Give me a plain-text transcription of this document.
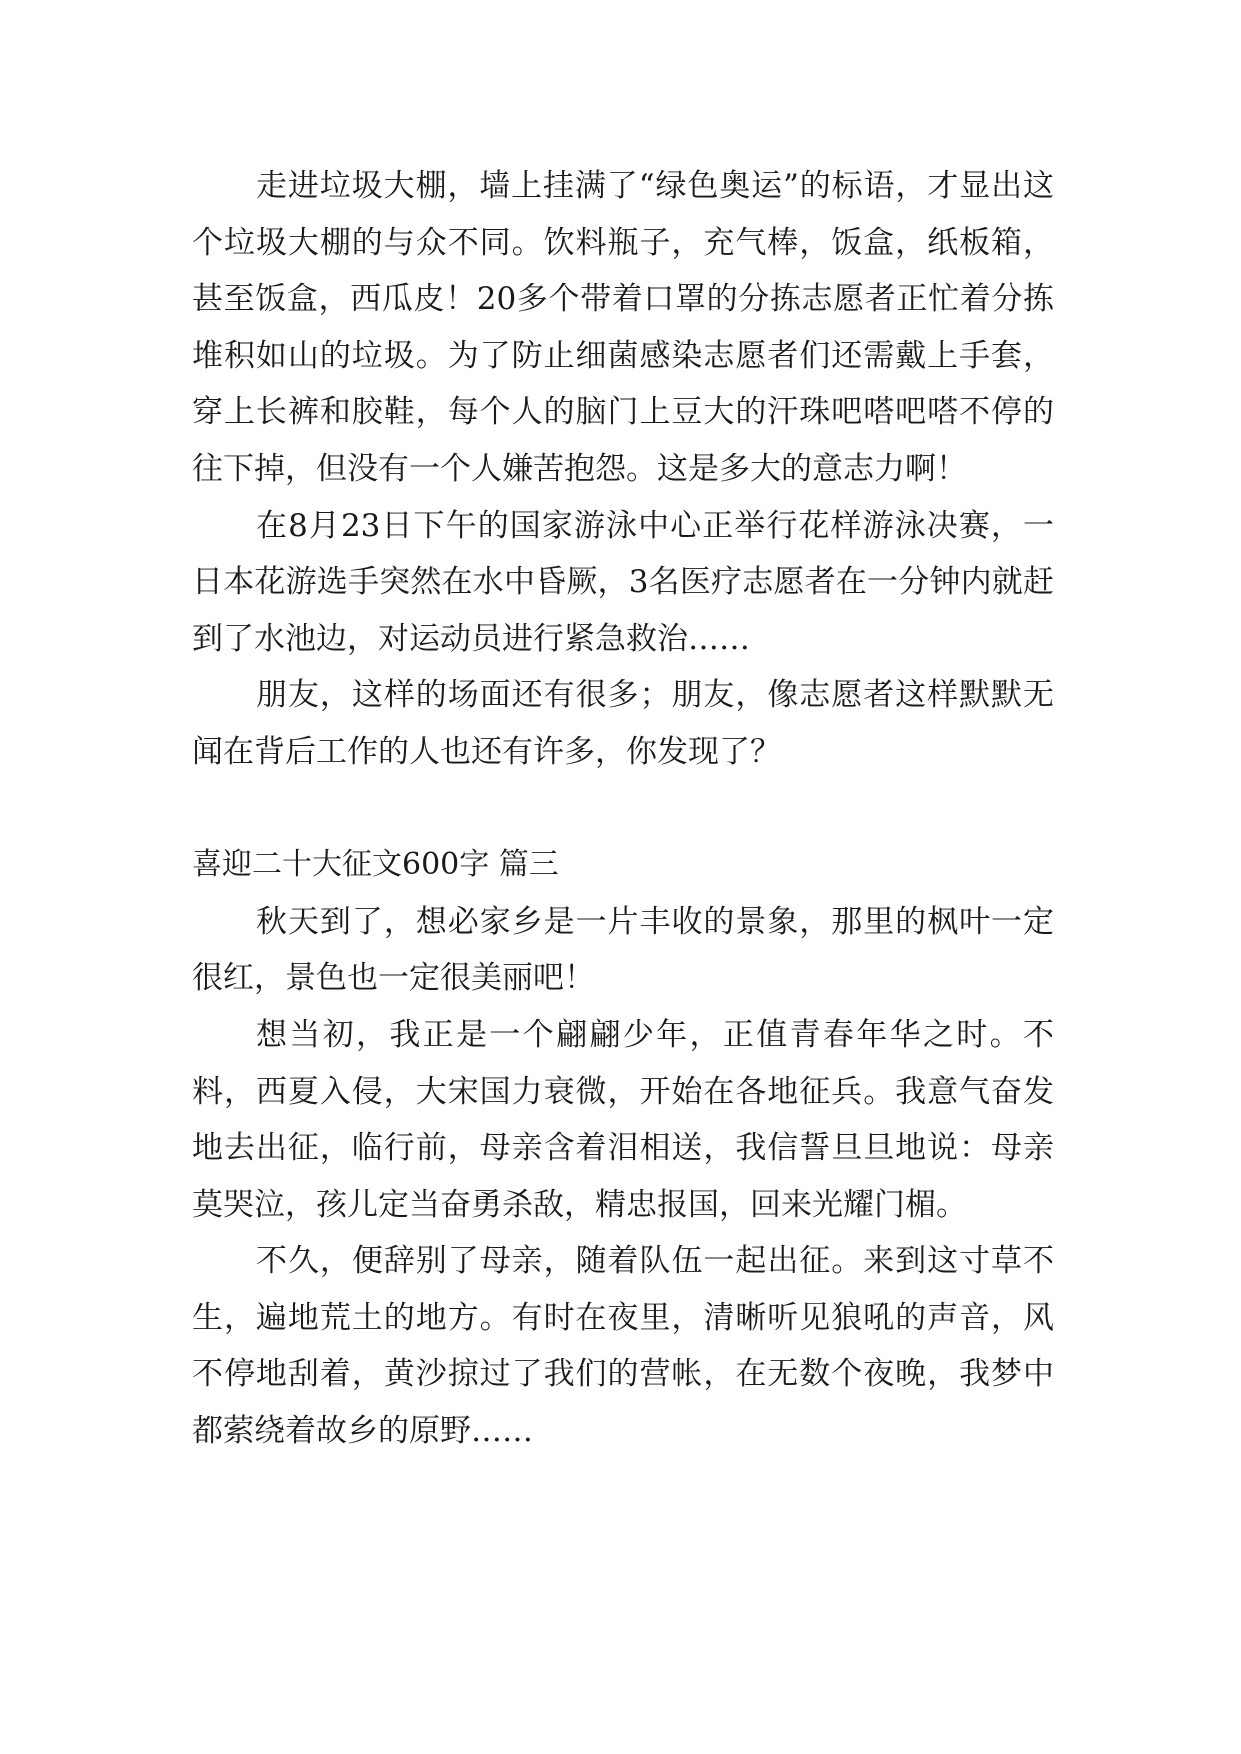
走进垃圾大棚，墙上挂满了“绿色奥运”的标语，才显出这个垃圾大棚的与众不同。饮料瓶子，充气棒，饭盒，纸板箱，甚至饭盒，西瓜皮！20多个带着口罩的分拣志愿者正忙着分拣堆积如山的垃圾。为了防止细菌感染志愿者们还需戴上手套，穿上长裤和胶鞋，每个人的脑门上豆大的汗珠吧嗒吧嗒不停的往下掉，但没有一个人嫌苦抱怨。这是多大的意志力啊！

在8月23日下午的国家游泳中心正举行花样游泳决赛，一日本花游选手突然在水中昏厥，3名医疗志愿者在一分钟内就赶到了水池边，对运动员进行紧急救治……

朋友，这样的场面还有很多；朋友，像志愿者这样默默无闻在背后工作的人也还有许多，你发现了？

喜迎二十大征文600字 篇三

秋天到了，想必家乡是一片丰收的景象，那里的枫叶一定很红，景色也一定很美丽吧！

想当初，我正是一个翩翩少年，正值青春年华之时。不料，西夏入侵，大宋国力衰微，开始在各地征兵。我意气奋发地去出征，临行前，母亲含着泪相送，我信誓旦旦地说：母亲莫哭泣，孩儿定当奋勇杀敌，精忠报国，回来光耀门楣。

不久，便辞别了母亲，随着队伍一起出征。来到这寸草不生，遍地荒土的地方。有时在夜里，清晰听见狼吼的声音，风不停地刮着，黄沙掠过了我们的营帐，在无数个夜晚，我梦中都萦绕着故乡的原野……
